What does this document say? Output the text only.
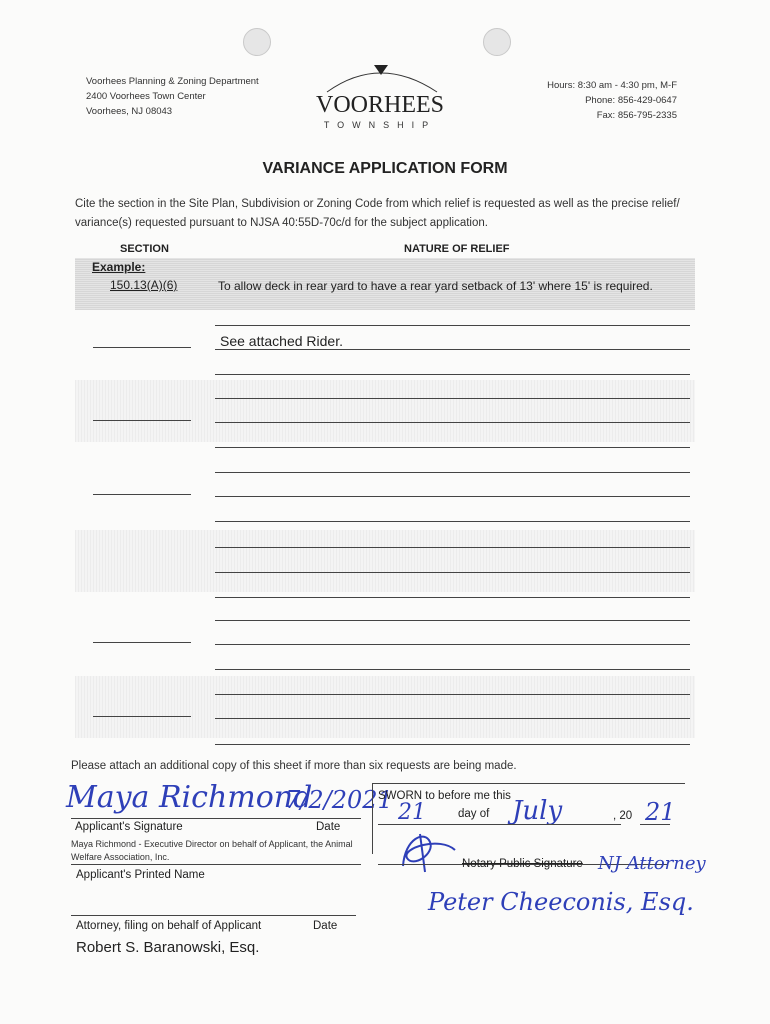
Voorhees Planning & Zoning Department
2400 Voorhees Town Center
Voorhees, NJ 08043	VOORHEES
TOWNSHIP
Hours: 8:30 am - 4:30 pm, M-F
Phone: 856-429-0647
Fax: 856-795-2335
VARIANCE APPLICATION FORM
Cite the section in the Site Plan, Subdivision or Zoning Code from which relief is requested as well as the precise relief/ variance(s) requested pursuant to NJSA 40:55D-70c/d for the subject application.
SECTION	NATURE OF RELIEF
Example:
150.13(A)(6)	To allow deck in rear yard to have a rear yard setback of 13' where 15' is required.
See attached Rider.
Please attach an additional copy of this sheet if more than six requests are being made.
Maya Richmond
7/2/2021
Applicant's Signature	Date
Maya Richmond - Executive Director on behalf of Applicant, the Animal Welfare Association, Inc.
Applicant's Printed Name
SWORN to before me this
21	day of July	, 20 21
Notary Public Signature NJ Attorney
Peter Cheeconis, Esq.
Attorney, filing on behalf of Applicant	Date
Robert S. Baranowski, Esq.
